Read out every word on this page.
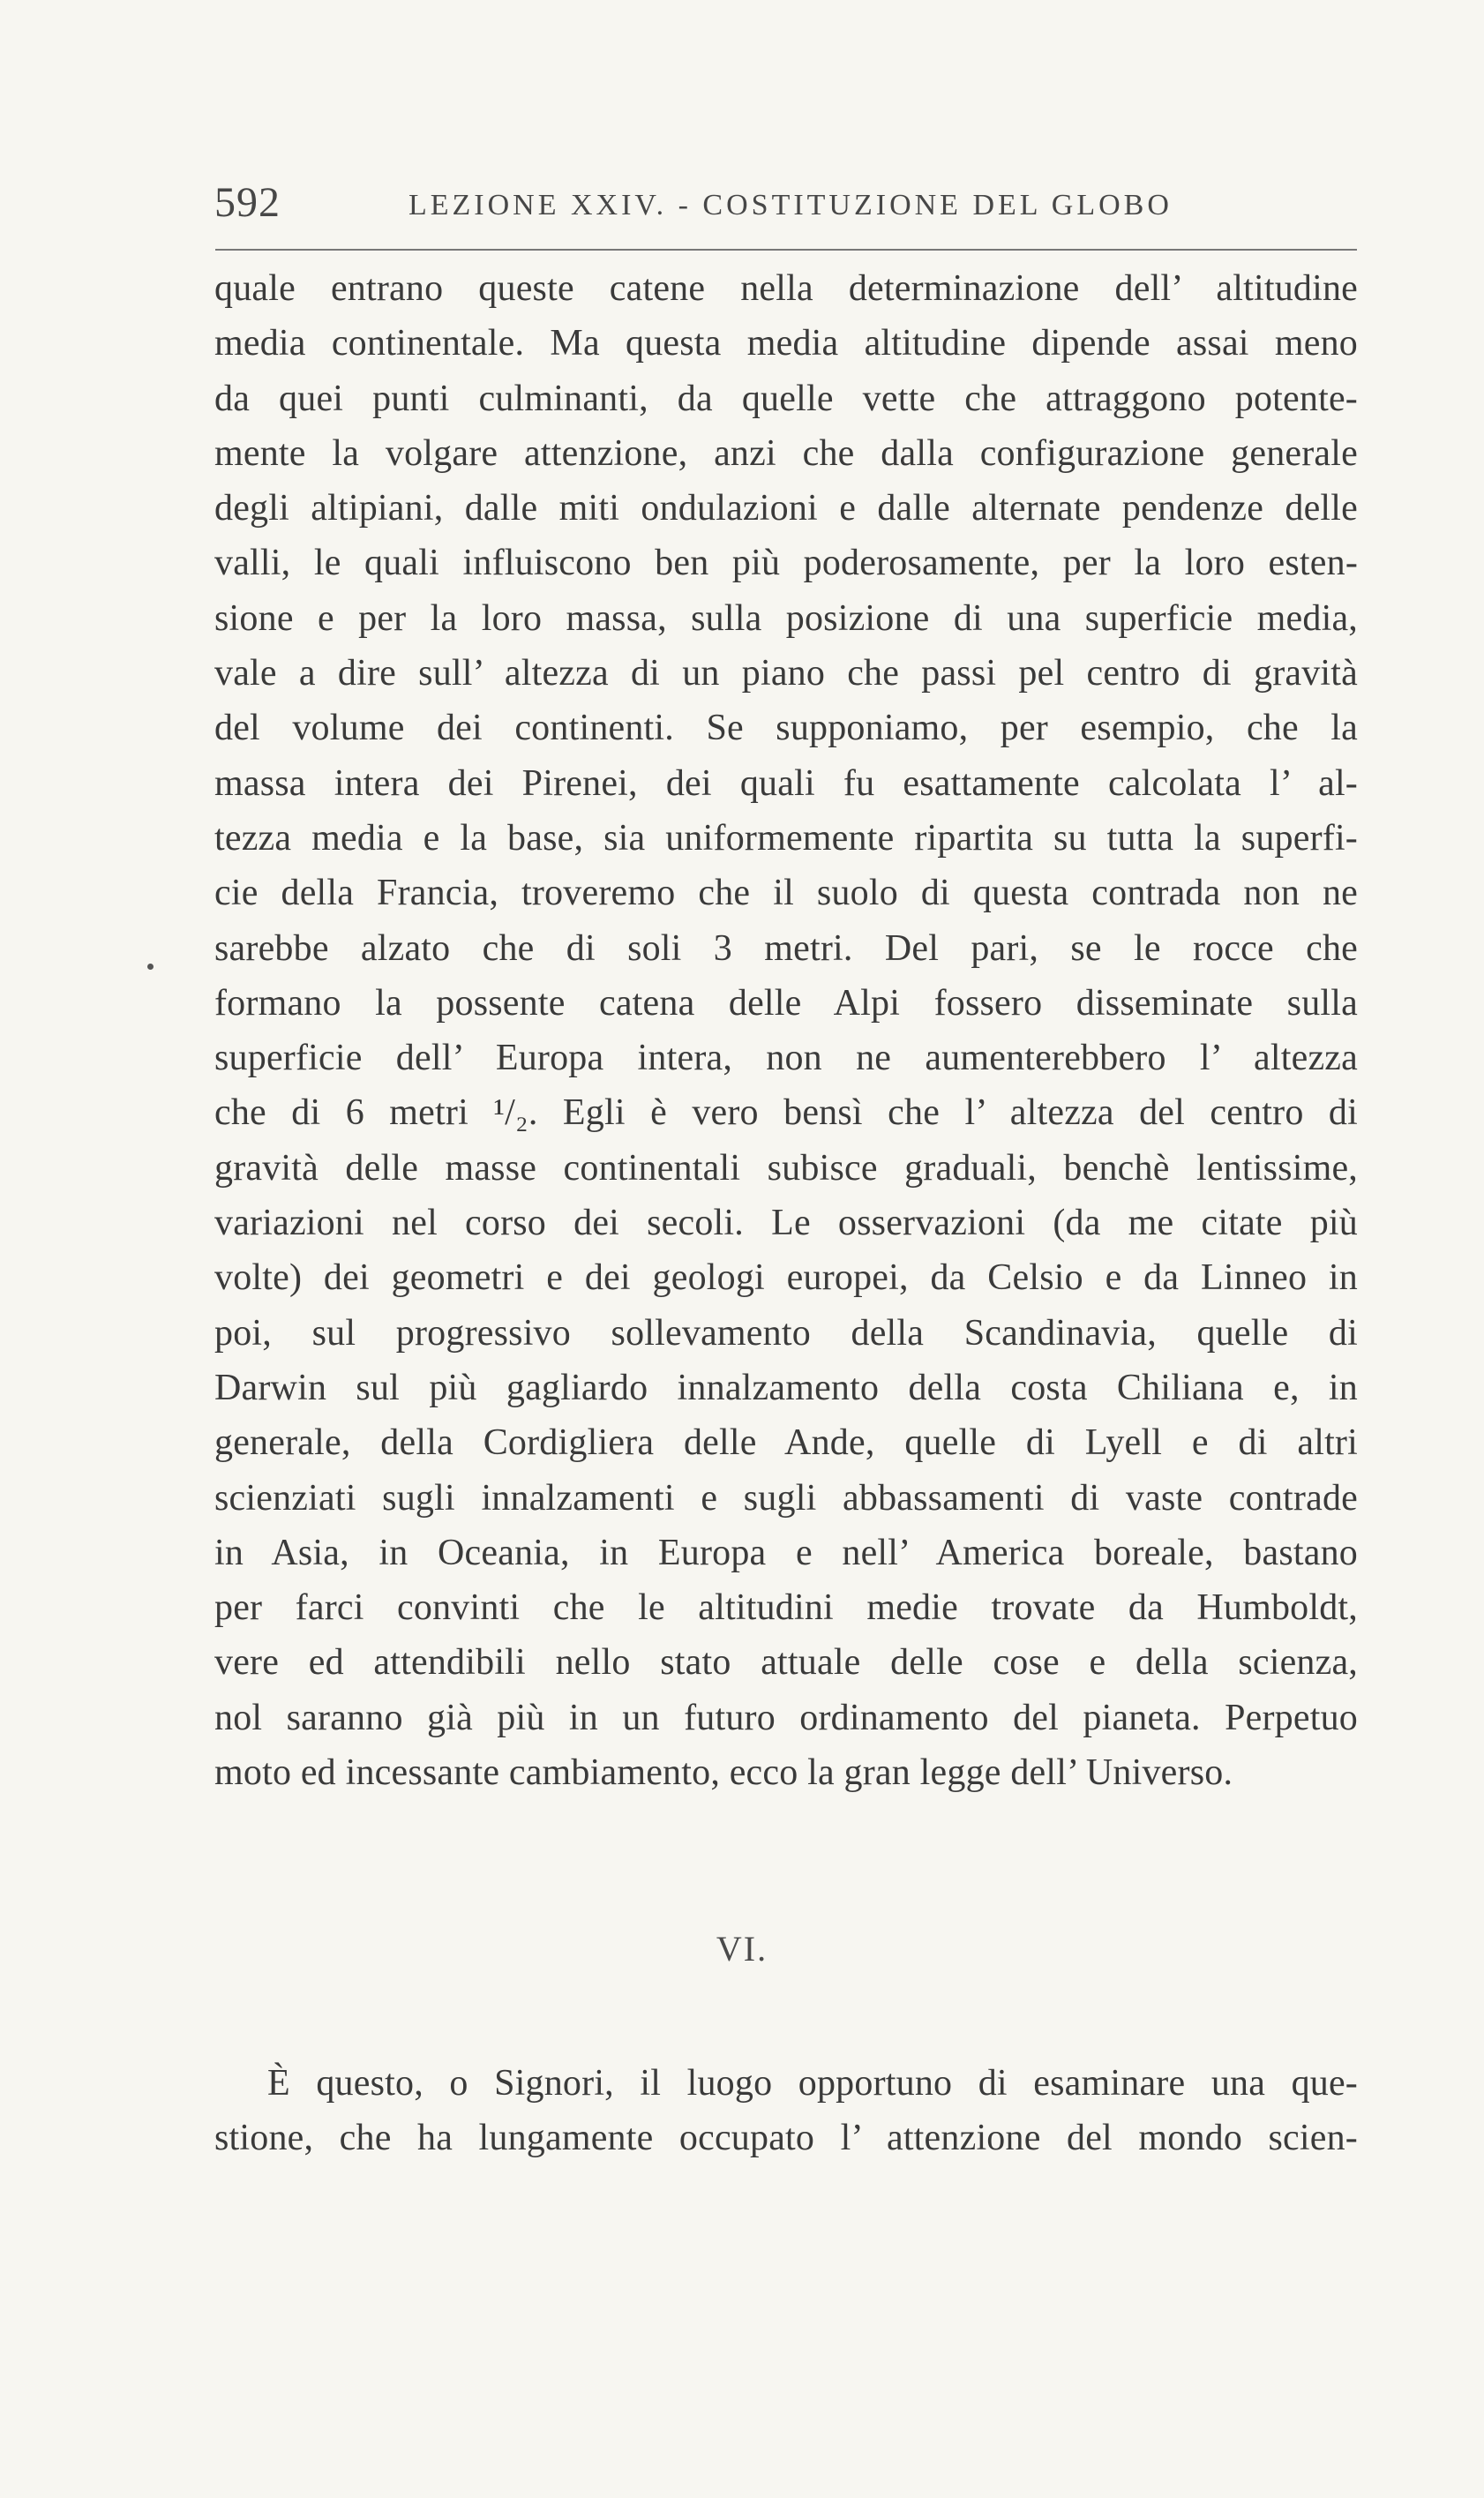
592	LEZIONE XXIV. - COSTITUZIONE DEL GLOBO
quale entrano queste catene nella determinazione dell’ altitudine
media continentale. Ma questa media altitudine dipende assai meno
da quei punti culminanti, da quelle vette che attraggono potente-
mente la volgare attenzione, anzi che dalla configurazione generale
degli altipiani, dalle miti ondulazioni e dalle alternate pendenze delle
valli, le quali influiscono ben più poderosamente, per la loro esten-
sione e per la loro massa, sulla posizione di una superficie media,
vale a dire sull’ altezza di un piano che passi pel centro di gravità
del volume dei continenti. Se supponiamo, per esempio, che la
massa intera dei Pirenei, dei quali fu esattamente calcolata l’ al-
tezza media e la base, sia uniformemente ripartita su tutta la superfi-
cie della Francia, troveremo che il suolo di questa contrada non ne
sarebbe alzato che di soli 3 metri. Del pari, se le rocce che
formano la possente catena delle Alpi fossero disseminate sulla
superficie dell’ Europa intera, non ne aumenterebbero l’ altezza
che di 6 metri ¹/₂. Egli è vero bensì che l’ altezza del centro di
gravità delle masse continentali subisce graduali, benchè lentissime,
variazioni nel corso dei secoli. Le osservazioni (da me citate più
volte) dei geometri e dei geologi europei, da Celsio e da Linneo in
poi, sul progressivo sollevamento della Scandinavia, quelle di
Darwin sul più gagliardo innalzamento della costa Chiliana e, in
generale, della Cordigliera delle Ande, quelle di Lyell e di altri
scienziati sugli innalzamenti e sugli abbassamenti di vaste contrade
in Asia, in Oceania, in Europa e nell’ America boreale, bastano
per farci convinti che le altitudini medie trovate da Humboldt,
vere ed attendibili nello stato attuale delle cose e della scienza,
nol saranno già più in un futuro ordinamento del pianeta. Perpetuo
moto ed incessante cambiamento, ecco la gran legge dell’ Universo.
VI.
È questo, o Signori, il luogo opportuno di esaminare una que-
stione, che ha lungamente occupato l’ attenzione del mondo scien-
